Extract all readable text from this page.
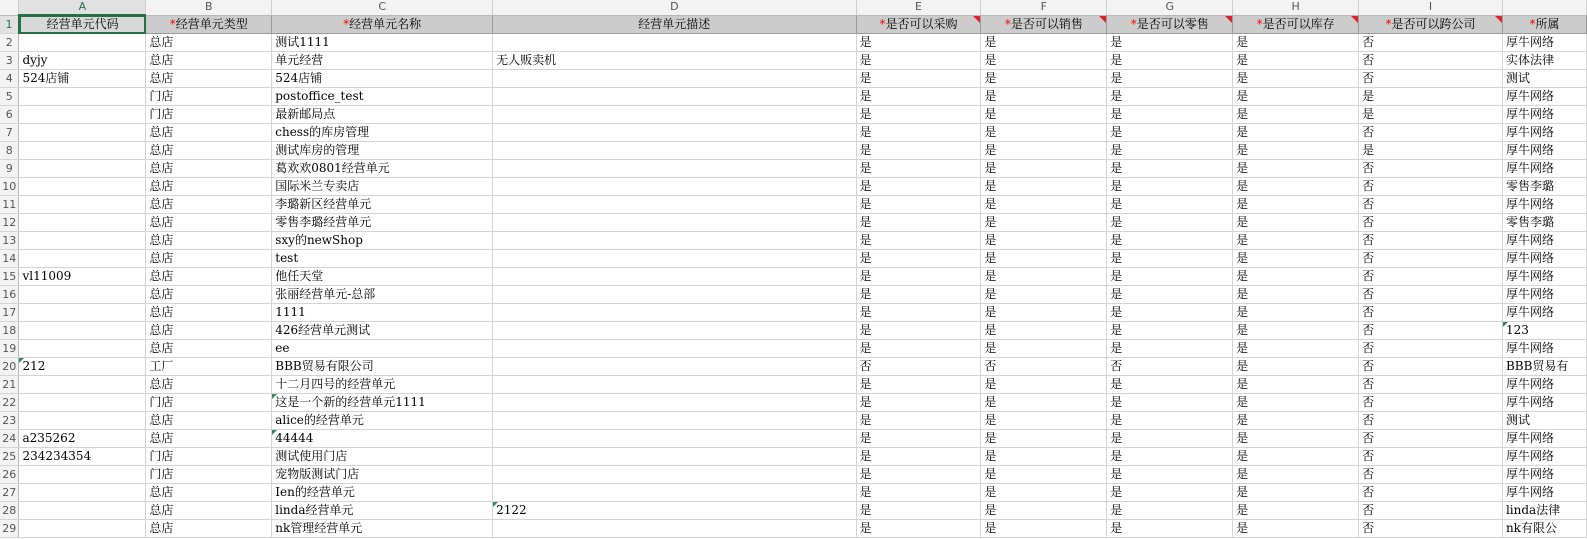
	A	B	C	D	E	F	G	H	I	
1	经营单元代码	*经营单元类型	*经营单元名称	经营单元描述	*是否可以采购	*是否可以销售	*是否可以零售	*是否可以库存	*是否可以跨公司	*所属
2		总店	测试1111		是	是	是	是	否	厚牛网络
3	dyjy	总店	单元经营	无人贩卖机	是	是	是	是	否	实体法律
4	524店铺	总店	524店铺		是	是	是	是	否	测试
5		门店	postoffice_test		是	是	是	是	是	厚牛网络
6		门店	最新邮局点		是	是	是	是	是	厚牛网络
7		总店	chess的库房管理		是	是	是	是	否	厚牛网络
8		总店	测试库房的管理		是	是	是	是	是	厚牛网络
9		总店	葛欢欢0801经营单元		是	是	是	是	否	厚牛网络
10		总店	国际米兰专卖店		是	是	是	是	否	零售李璐
11		总店	李璐新区经营单元		是	是	是	是	否	厚牛网络
12		总店	零售李璐经营单元		是	是	是	是	否	零售李璐
13		总店	sxy的newShop		是	是	是	是	否	厚牛网络
14		总店	test		是	是	是	是	否	厚牛网络
15	vl11009	总店	他任天堂		是	是	是	是	否	厚牛网络
16		总店	张丽经营单元-总部		是	是	是	是	否	厚牛网络
17		总店	1111		是	是	是	是	否	厚牛网络
18		总店	426经营单元测试		是	是	是	是	否	123

19		总店	ee		是	是	是	是	否	厚牛网络
20	212	工厂	BBB贸易有限公司		否	否	否	是	否	BBB贸易有
21		总店	十二月四号的经营单元		是	是	是	是	否	厚牛网络
22		门店	这是一个新的经营单元1111		是	是	是	是	否	厚牛网络
23		总店	alice的经营单元		是	是	是	是	否	测试
24	a235262	总店	44444		是	是	是	是	否	厚牛网络
25	234234354	门店	测试使用门店		是	是	是	是	否	厚牛网络
26		门店	宠物版测试门店		是	是	是	是	否	厚牛网络
27		总店	Ien的经营单元		是	是	是	是	否	厚牛网络
28		总店	linda经营单元	2122	是	是	是	是	否	linda法律
29		总店	nk管理经营单元		是	是	是	是	否	nk有限公
